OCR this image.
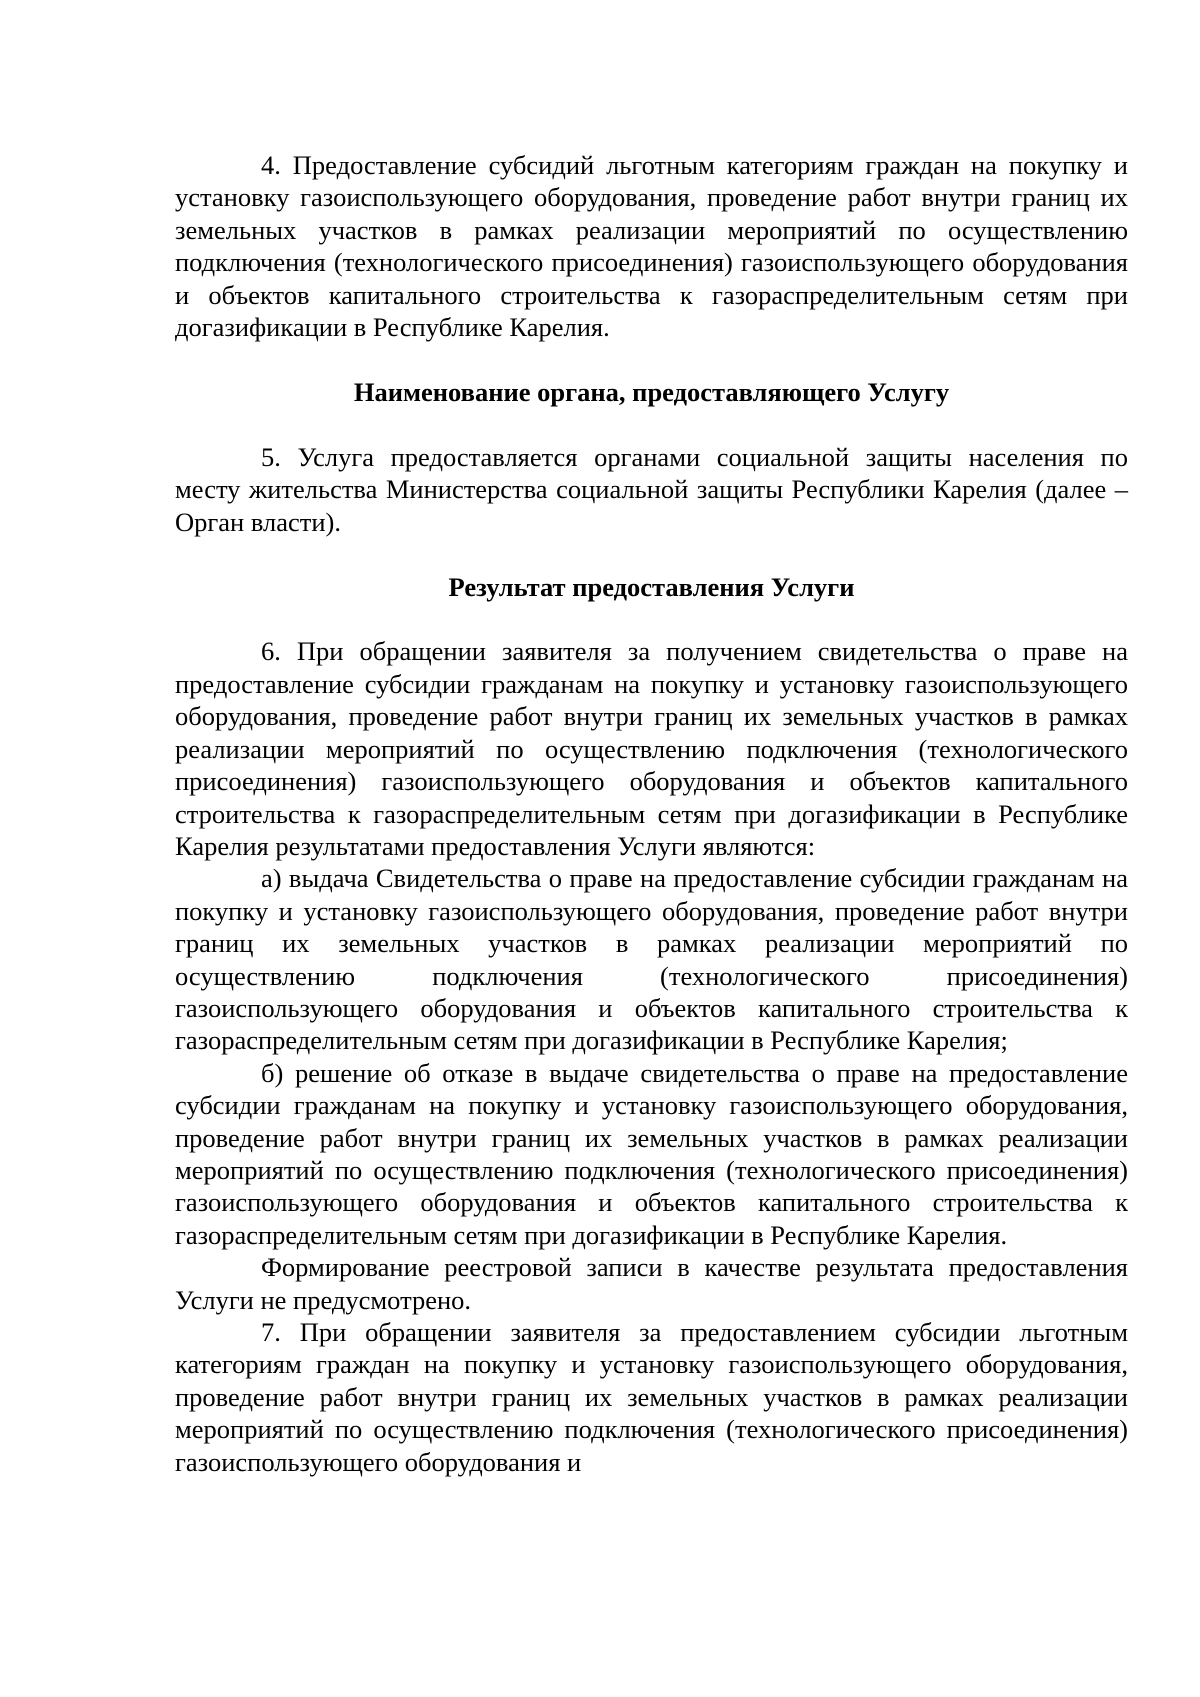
4. Предоставление субсидий льготным категориям граждан на покупку и установку газоиспользующего оборудования, проведение работ внутри границ их земельных участков в рамках реализации мероприятий по осуществлению подключения (технологического присоединения) газоиспользующего оборудования и объектов капитального строительства к газораспределительным сетям при догазификации в Республике Карелия.

Наименование органа, предоставляющего Услугу

5. Услуга предоставляется органами социальной защиты населения по месту жительства Министерства социальной защиты Республики Карелия (далее –Орган власти).

Результат предоставления Услуги

6. При обращении заявителя за получением свидетельства о праве на предоставление субсидии гражданам на покупку и установку газоиспользующего оборудования, проведение работ внутри границ их земельных участков в рамках реализации мероприятий по осуществлению подключения (технологического присоединения) газоиспользующего оборудования и объектов капитального строительства к газораспределительным сетям при догазификации в Республике Карелия результатами предоставления Услуги являются:

а) выдача Свидетельства о праве на предоставление субсидии гражданам на покупку и установку газоиспользующего оборудования, проведение работ внутри границ их земельных участков в рамках реализации мероприятий по осуществлению подключения (технологического присоединения) газоиспользующего оборудования и объектов капитального строительства к газораспределительным сетям при догазификации в Республике Карелия;

б) решение об отказе в выдаче свидетельства о праве на предоставление субсидии гражданам на покупку и установку газоиспользующего оборудования, проведение работ внутри границ их земельных участков в рамках реализации мероприятий по осуществлению подключения (технологического присоединения) газоиспользующего оборудования и объектов капитального строительства к газораспределительным сетям при догазификации в Республике Карелия.

Формирование реестровой записи в качестве результата предоставления Услуги не предусмотрено.

7. При обращении заявителя за предоставлением субсидии льготным категориям граждан на покупку и установку газоиспользующего оборудования, проведение работ внутри границ их земельных участков в рамках реализации мероприятий по осуществлению подключения (технологического присоединения) газоиспользующего оборудования и
